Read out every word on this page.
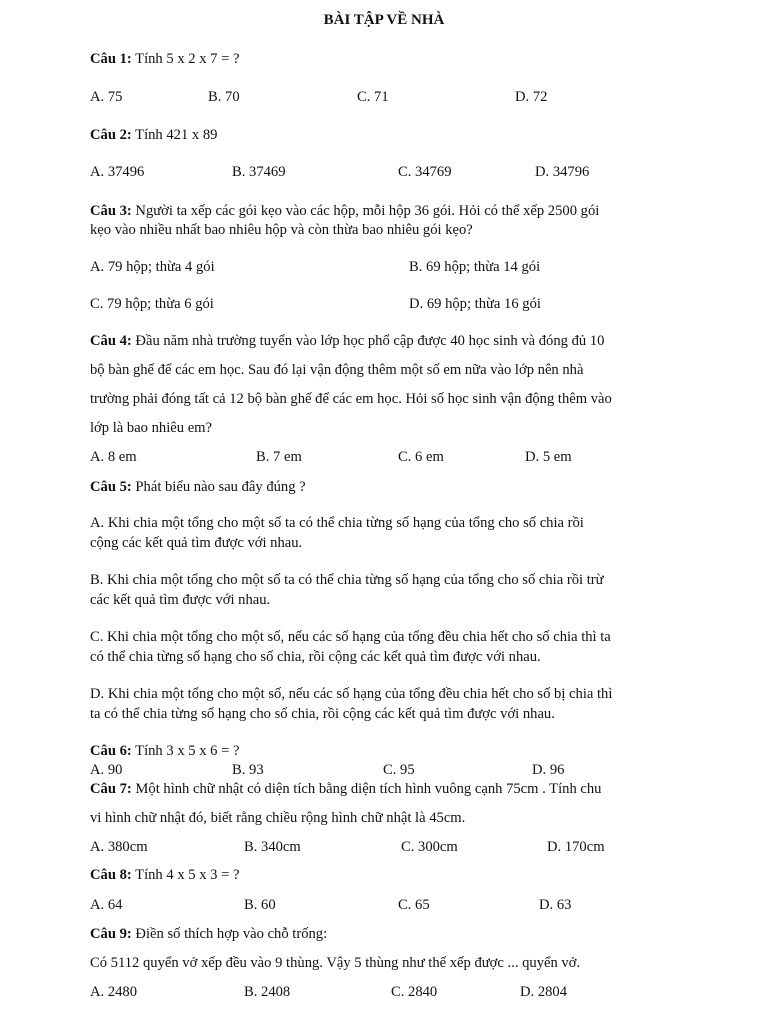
BÀI TẬP VỀ NHÀ
Câu 1: Tính 5 x 2 x 7 = ?
A. 75	B. 70	C. 71	D. 72
Câu 2: Tính 421 x 89
A. 37496	B. 37469	C. 34769	D. 34796
Câu 3: Người ta xếp các gói kẹo vào các hộp, mỗi hộp 36 gói. Hỏi có thể xếp 2500 gói
kẹo vào nhiều nhất bao nhiêu hộp và còn thừa bao nhiêu gói kẹo?
A. 79 hộp; thừa 4 gói	B. 69 hộp; thừa 14 gói
C. 79 hộp; thừa 6 gói	D. 69 hộp; thừa 16 gói
Câu 4: Đầu năm nhà trường tuyển vào lớp học phổ cập được 40 học sinh và đóng đủ 10
bộ bàn ghế để các em học. Sau đó lại vận động thêm một số em nữa vào lớp nên nhà
trường phải đóng tất cả 12 bộ bàn ghế để các em học. Hỏi số học sinh vận động thêm vào
lớp là bao nhiêu em?
A. 8 em	B. 7 em	C. 6 em	D. 5 em
Câu 5: Phát biểu nào sau đây đúng ?
A. Khi chia một tổng cho một số ta có thể chia từng số hạng của tổng cho số chia rồi
cộng các kết quả tìm được với nhau.
B. Khi chia một tổng cho một số ta có thể chia từng số hạng của tổng cho số chia rồi trừ
các kết quả tìm được với nhau.
C. Khi chia một tổng cho một số, nếu các số hạng của tổng đều chia hết cho số chia thì ta
có thể chia từng số hạng cho số chia, rồi cộng các kết quả tìm được với nhau.
D. Khi chia một tổng cho một số, nếu các số hạng của tổng đều chia hết cho số bị chia thì
ta có thể chia từng số hạng cho số chia, rồi cộng các kết quả tìm được với nhau.
Câu 6: Tính 3 x 5 x 6 = ?
A. 90	B. 93	C. 95	D. 96
Câu 7: Một hình chữ nhật có diện tích bằng diện tích hình vuông cạnh 75cm . Tính chu
vi hình chữ nhật đó, biết rằng chiều rộng hình chữ nhật là 45cm.
A. 380cm	B. 340cm	C. 300cm	D. 170cm
Câu 8: Tính 4 x 5 x 3 = ?
A. 64	B. 60	C. 65	D. 63
Câu 9: Điền số thích hợp vào chỗ trống:
Có 5112 quyển vở xếp đều vào 9 thùng. Vậy 5 thùng như thế xếp được ... quyển vở.
A. 2480	B. 2408	C. 2840	D. 2804
